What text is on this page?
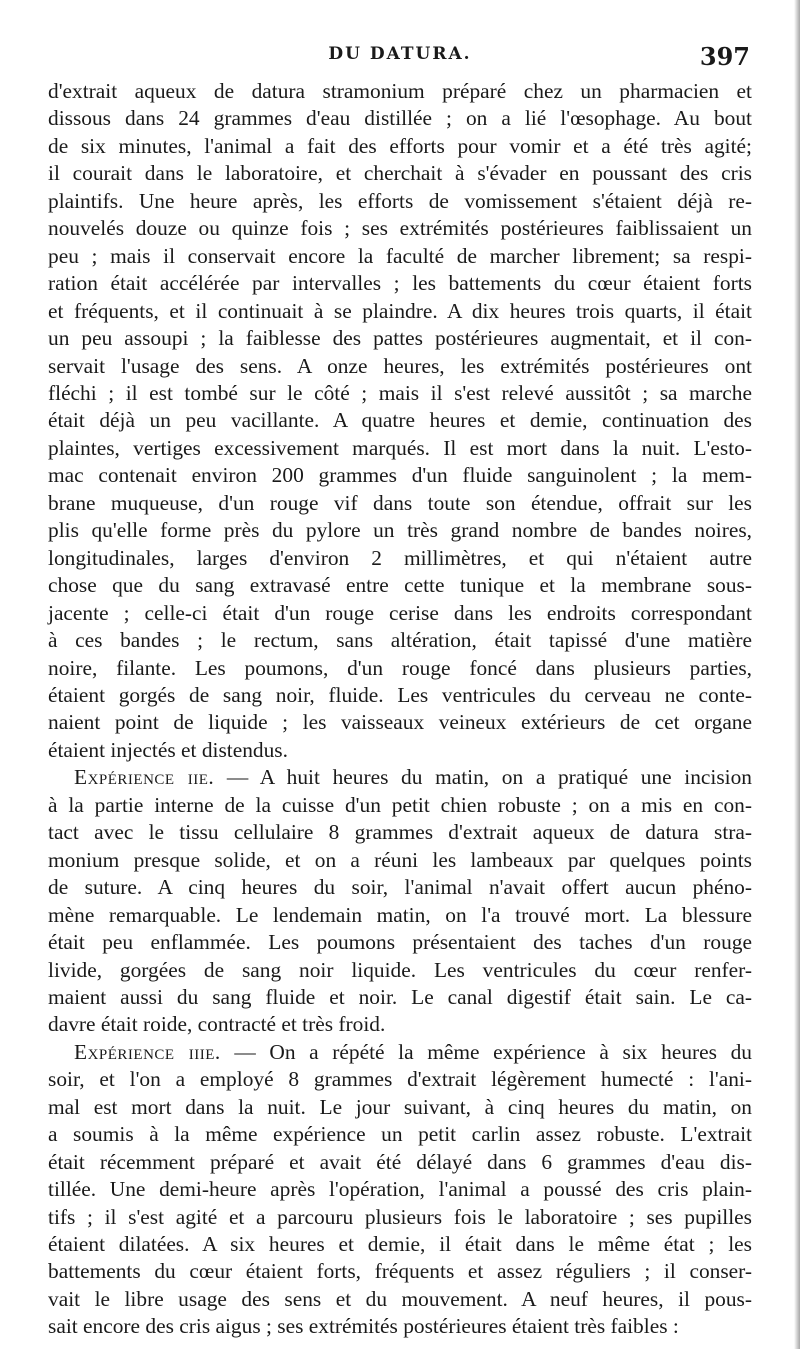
DU DATURA.	397

d'extrait aqueux de datura stramonium préparé chez un pharmacien et
dissous dans 24 grammes d'eau distillée ; on a lié l'œsophage. Au bout
de six minutes, l'animal a fait des efforts pour vomir et a été très agité;
il courait dans le laboratoire, et cherchait à s'évader en poussant des cris
plaintifs. Une heure après, les efforts de vomissement s'étaient déjà re-
nouvelés douze ou quinze fois ; ses extrémités postérieures faiblissaient un
peu ; mais il conservait encore la faculté de marcher librement; sa respi-
ration était accélérée par intervalles ; les battements du cœur étaient forts
et fréquents, et il continuait à se plaindre. A dix heures trois quarts, il était
un peu assoupi ; la faiblesse des pattes postérieures augmentait, et il con-
servait l'usage des sens. A onze heures, les extrémités postérieures ont
fléchi ; il est tombé sur le côté ; mais il s'est relevé aussitôt ; sa marche
était déjà un peu vacillante. A quatre heures et demie, continuation des
plaintes, vertiges excessivement marqués. Il est mort dans la nuit. L'esto-
mac contenait environ 200 grammes d'un fluide sanguinolent ; la mem-
brane muqueuse, d'un rouge vif dans toute son étendue, offrait sur les
plis qu'elle forme près du pylore un très grand nombre de bandes noires,
longitudinales, larges d'environ 2 millimètres, et qui n'étaient autre
chose que du sang extravasé entre cette tunique et la membrane sous-
jacente ; celle-ci était d'un rouge cerise dans les endroits correspondant
à ces bandes ; le rectum, sans altération, était tapissé d'une matière
noire, filante. Les poumons, d'un rouge foncé dans plusieurs parties,
étaient gorgés de sang noir, fluide. Les ventricules du cerveau ne conte-
naient point de liquide ; les vaisseaux veineux extérieurs de cet organe
étaient injectés et distendus.

Expérience iie. — A huit heures du matin, on a pratiqué une incision
à la partie interne de la cuisse d'un petit chien robuste ; on a mis en con-
tact avec le tissu cellulaire 8 grammes d'extrait aqueux de datura stra-
monium presque solide, et on a réuni les lambeaux par quelques points
de suture. A cinq heures du soir, l'animal n'avait offert aucun phéno-
mène remarquable. Le lendemain matin, on l'a trouvé mort. La blessure
était peu enflammée. Les poumons présentaient des taches d'un rouge
livide, gorgées de sang noir liquide. Les ventricules du cœur renfer-
maient aussi du sang fluide et noir. Le canal digestif était sain. Le ca-
davre était roide, contracté et très froid.

Expérience iiie. — On a répété la même expérience à six heures du
soir, et l'on a employé 8 grammes d'extrait légèrement humecté : l'ani-
mal est mort dans la nuit. Le jour suivant, à cinq heures du matin, on
a soumis à la même expérience un petit carlin assez robuste. L'extrait
était récemment préparé et avait été délayé dans 6 grammes d'eau dis-
tillée. Une demi-heure après l'opération, l'animal a poussé des cris plain-
tifs ; il s'est agité et a parcouru plusieurs fois le laboratoire ; ses pupilles
étaient dilatées. A six heures et demie, il était dans le même état ; les
battements du cœur étaient forts, fréquents et assez réguliers ; il conser-
vait le libre usage des sens et du mouvement. A neuf heures, il pous-
sait encore des cris aigus ; ses extrémités postérieures étaient très faibles :
